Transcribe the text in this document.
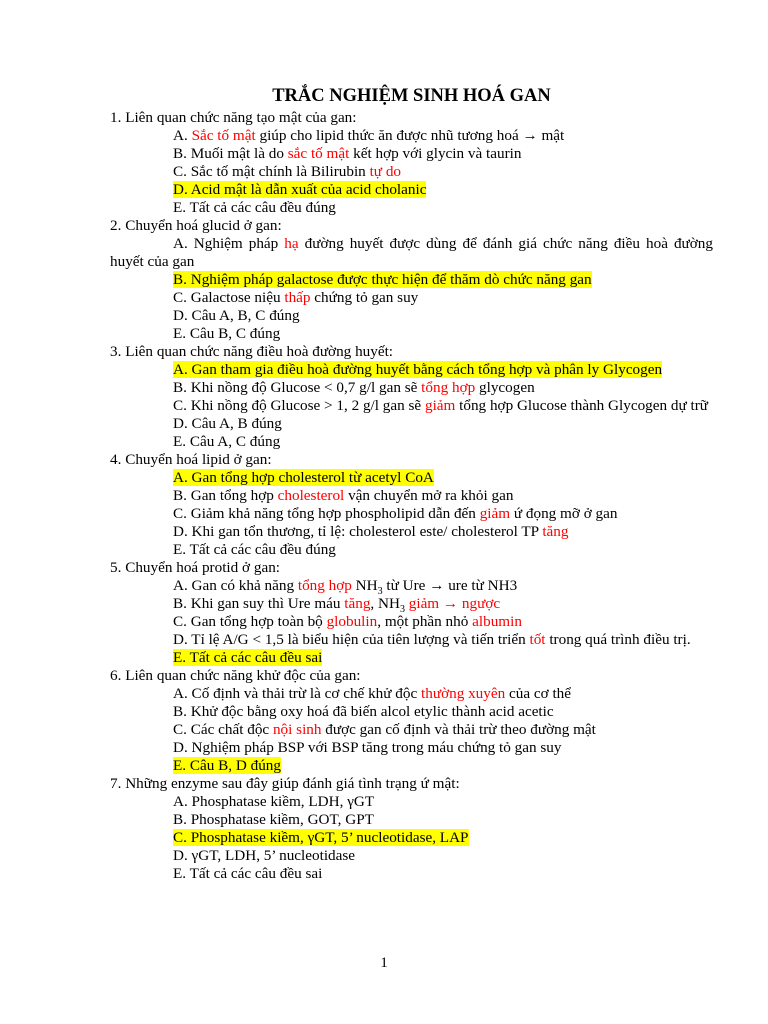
TRẮC NGHIỆM SINH HOÁ GAN

1. Liên quan chức năng tạo mật của gan:

A. Sắc tố mật giúp cho lipid thức ăn được nhũ tương hoá → mật

B. Muối mật là do sắc tố mật kết hợp với glycin và taurin

C. Sắc tố mật chính là Bilirubin tự do

D. Acid mật là dẫn xuất của acid cholanic

E. Tất cả các câu đều đúng

2. Chuyển hoá glucid ở gan:

A. Nghiệm pháp hạ đường huyết được dùng để đánh giá chức năng điều hoà đường huyết của gan

B. Nghiệm pháp galactose được thực hiện để thăm dò chức năng gan

C. Galactose niệu thấp chứng tỏ gan suy

D. Câu A, B, C đúng

E. Câu B, C đúng

3. Liên quan chức năng điều hoà đường huyết:

A. Gan tham gia điều hoà đường huyết bằng cách tổng hợp và phân ly Glycogen

B. Khi nồng độ Glucose < 0,7 g/l gan sẽ tổng hợp glycogen

C. Khi nồng độ Glucose > 1, 2 g/l gan sẽ giảm tổng hợp Glucose thành Glycogen dự trữ

D. Câu A, B đúng

E. Câu A, C đúng

4. Chuyển hoá lipid ở gan:

A. Gan tổng hợp cholesterol từ acetyl CoA

B. Gan tổng hợp cholesterol vận chuyển mở ra khỏi gan

C. Giảm khả năng tổng hợp phospholipid dẫn đến giảm ứ đọng mỡ ở gan

D. Khi gan tổn thương, tỉ lệ: cholesterol este/ cholesterol TP tăng

E. Tất cả các câu đều đúng

5. Chuyển hoá protid ở gan:

A. Gan có khả năng tổng hợp $NH_3$ từ Ure → ure từ NH3

B. Khi gan suy thì Ure máu tăng, $NH_3$ giảm → ngược

C. Gan tổng hợp toàn bộ globulin, một phần nhỏ albumin

D. Tỉ lệ A/G < 1,5 là biểu hiện của tiên lượng và tiến triển tốt trong quá trình điều trị.

E. Tất cả các câu đều sai

6. Liên quan chức năng khử độc của gan:

A. Cố định và thải trừ là cơ chế khử độc thường xuyên của cơ thể

B. Khử độc bằng oxy hoá đã biến alcol etylic thành acid acetic

C. Các chất độc nội sinh được gan cố định và thải trừ theo đường mật

D. Nghiệm pháp BSP với BSP tăng trong máu chứng tỏ gan suy

E. Câu B, D đúng

7. Những enzyme sau đây giúp đánh giá tình trạng ứ mật:

A. Phosphatase kiềm, LDH, γGT

B. Phosphatase kiềm, GOT, GPT

C. Phosphatase kiềm, γGT, 5’ nucleotidase, LAP

D. γGT, LDH, 5’ nucleotidase

E. Tất cả các câu đều sai

1
